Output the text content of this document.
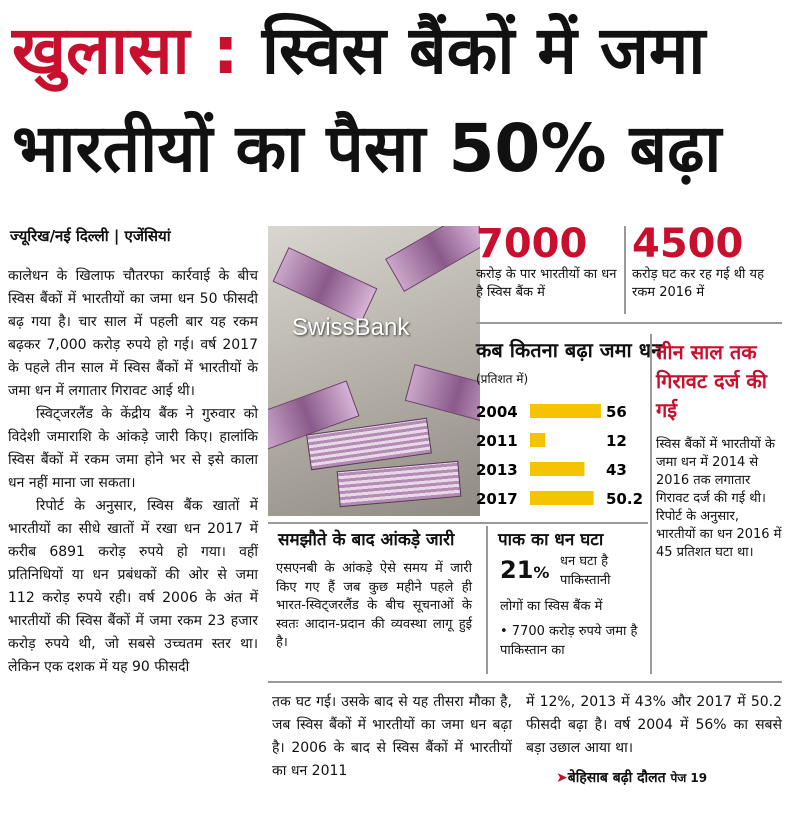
खुलासा : स्विस बैंकों में जमा
भारतीयों का पैसा 50% बढ़ा
ज्यूरिख/नई दिल्ली | एजेंसियां

कालेधन के खिलाफ चौतरफा कार्रवाई के बीच स्विस बैंकों में भारतीयों का जमा धन 50 फीसदी बढ़ गया है। चार साल में पहली बार यह रकम बढ़कर 7,000 करोड़ रुपये हो गई। वर्ष 2017 के पहले तीन साल में स्विस बैंकों में भारतीयों के जमा धन में लगातार गिरावट आई थी।

स्विट्जरलैंड के केंद्रीय बैंक ने गुरुवार को विदेशी जमाराशि के आंकड़े जारी किए। हालांकि स्विस बैंकों में रकम जमा होने भर से इसे काला धन नहीं माना जा सकता।

रिपोर्ट के अनुसार, स्विस बैंक खातों में भारतीयों का सीधे खातों में रखा धन 2017 में करीब 6891 करोड़ रुपये हो गया। वहीं प्रतिनिधियों या धन प्रबंधकों की ओर से जमा 112 करोड़ रुपये रही। वर्ष 2006 के अंत में भारतीयों की स्विस बैंकों में जमा रकम 23 हजार करोड़ रुपये थी, जो सबसे उच्चतम स्तर था। लेकिन एक दशक में यह 90 फीसदी

SwissBank
7000
करोड़ के पार भारतीयों का धन है स्विस बैंक में
4500
करोड़ घट कर रह गई थी यह रकम 2016 में
कब कितना बढ़ा जमा धन
(प्रतिशत में)
2004	56
2011	12
2013	43
2017	50.2
तीन साल तक गिरावट दर्ज की गई
स्विस बैंकों में भारतीयों के जमा धन में 2014 से 2016 तक लगातार गिरावट दर्ज की गई थी। रिपोर्ट के अनुसार, भारतीयों का धन 2016 में 45 प्रतिशत घटा था।
समझौते के बाद आंकड़े जारी
एसएनबी के आंकड़े ऐसे समय में जारी किए गए हैं जब कुछ महीने पहले ही भारत-स्विट्जरलैंड के बीच सूचनाओं के स्वतः आदान-प्रदान की व्यवस्था लागू हुई है।
पाक का धन घटा
21%
धन घटा है पाकिस्तानी
लोगों का स्विस बैंक में
• 7700 करोड़ रुपये जमा है पाकिस्तान का
तक घट गई। उसके बाद से यह तीसरा मौका है, जब स्विस बैंकों में भारतीयों का जमा धन बढ़ा है। 2006 के बाद से स्विस बैंकों में भारतीयों का धन 2011
में 12%, 2013 में 43% और 2017 में 50.2 फीसदी बढ़ा है। वर्ष 2004 में 56% का सबसे बड़ा उछाल आया था।
➤बेहिसाब बढ़ी दौलत पेज 19
